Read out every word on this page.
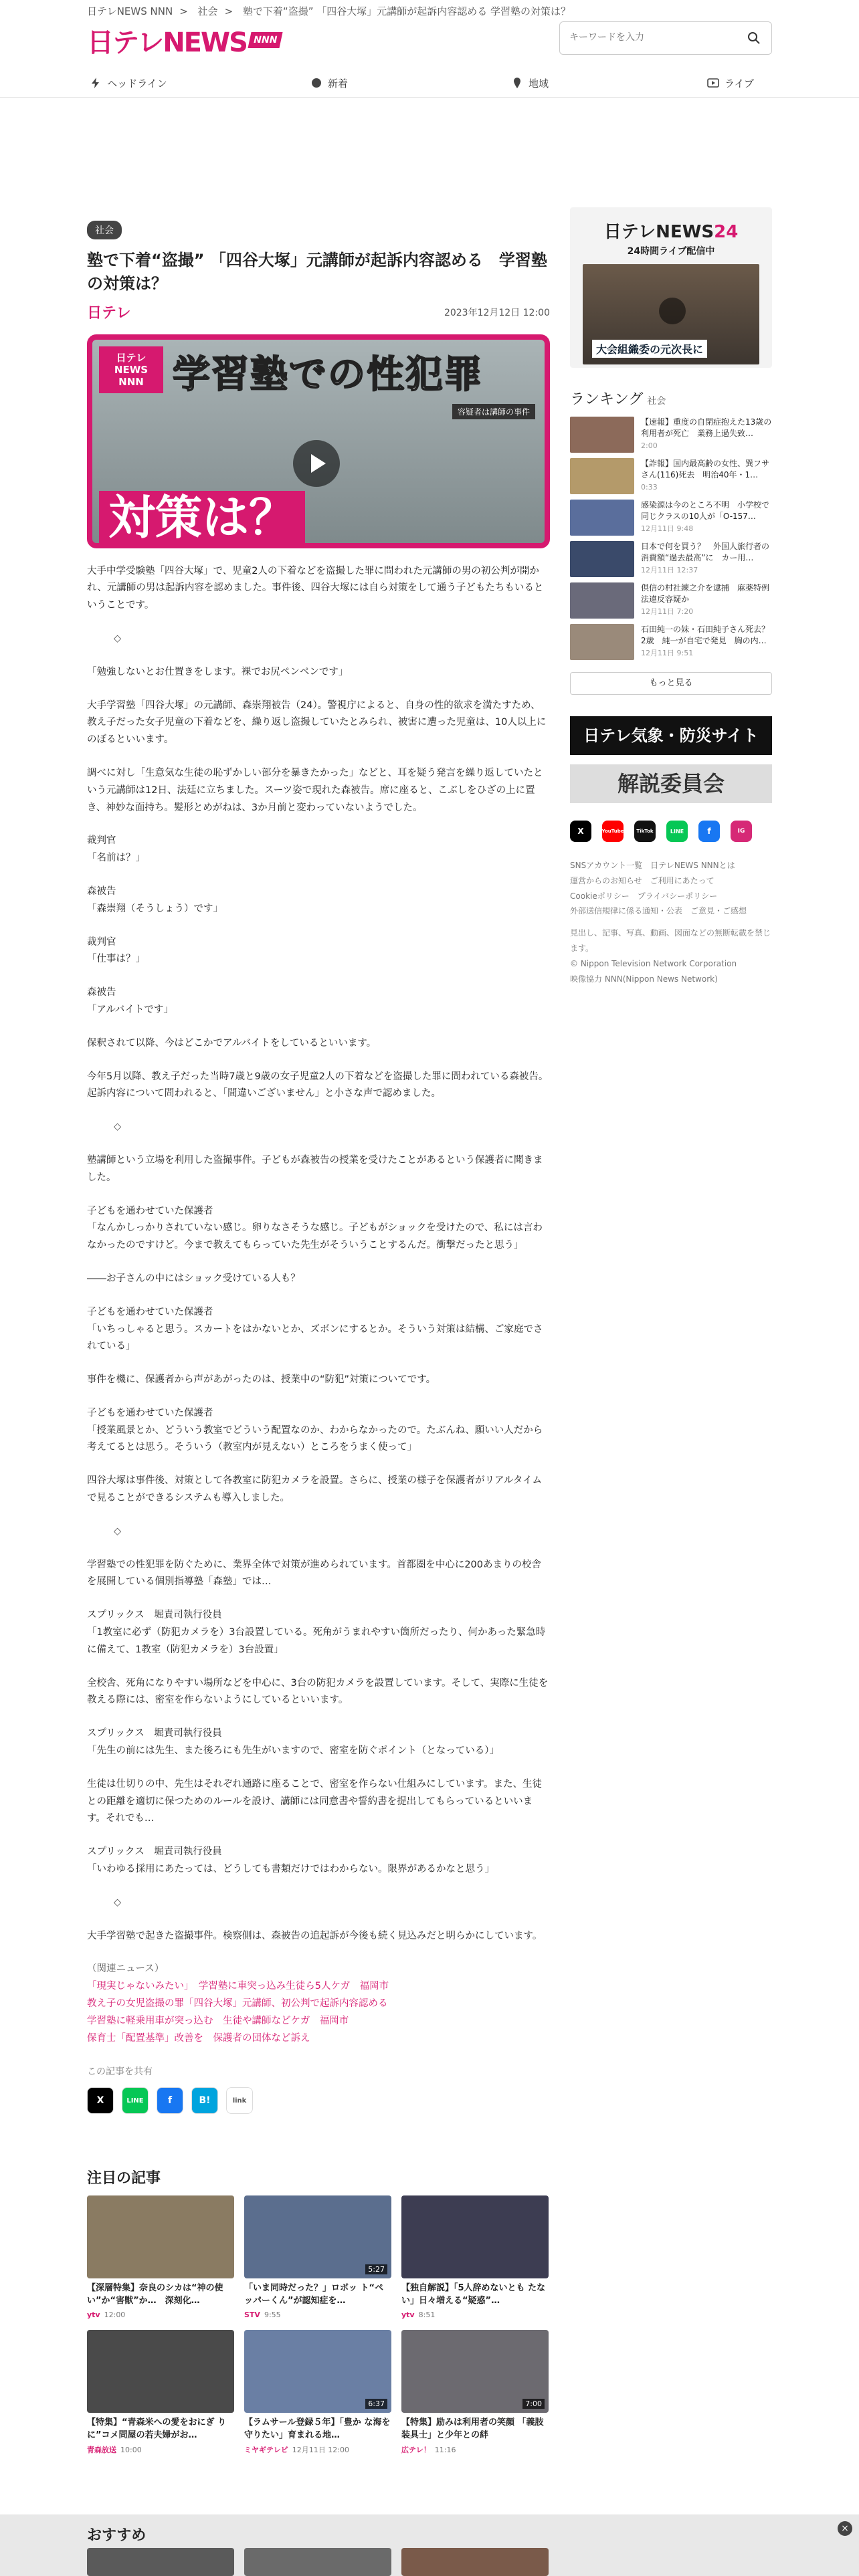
日テレNEWS NNN > 社会 > 塾で下着“盗撮” 「四谷大塚」元講師が起訴内容認める 学習塾の対策は？
日テレNEWS NNN
キーワードを入力
ヘッドライン	新着	地域	ライブ
社会
塾で下着“盗撮” 「四谷大塚」元講師が起訴内容認める　学習塾の対策は？
日テレ	2023年12月12日 12:00
日テレ NEWS NNN 学習塾での性犯罪
容疑者は講師の事件
対策は？

大手中学受験塾「四谷大塚」で、児童2人の下着などを盗撮した罪に問われた元講師の男の初公判が開かれ、元講師の男は起訴内容を認めました。事件後、四谷大塚には自ら対策をして通う子どもたちもいるということです。

◇

「勉強しないとお仕置きをします。裸でお尻ペンペンです」

大手学習塾「四谷大塚」の元講師、森崇翔被告（24）。警視庁によると、自身の性的欲求を満たすため、教え子だった女子児童の下着などを、繰り返し盗撮していたとみられ、被害に遭った児童は、10人以上にのぼるといいます。

調べに対し「生意気な生徒の恥ずかしい部分を暴きたかった」などと、耳を疑う発言を繰り返していたという元講師は12日、法廷に立ちました。スーツ姿で現れた森被告。席に座ると、こぶしをひざの上に置き、神妙な面持ち。髪形とめがねは、3か月前と変わっていないようでした。

裁判官
「名前は？」

森被告
「森崇翔（そうしょう）です」

裁判官
「仕事は？」

森被告
「アルバイトです」

保釈されて以降、今はどこかでアルバイトをしているといいます。

今年5月以降、教え子だった当時7歳と9歳の女子児童2人の下着などを盗撮した罪に問われている森被告。起訴内容について問われると、「間違いございません」と小さな声で認めました。

◇

塾講師という立場を利用した盗撮事件。子どもが森被告の授業を受けたことがあるという保護者に聞きました。

子どもを通わせていた保護者
「なんかしっかりされていない感じ。卵りなさそうな感じ。子どもがショックを受けたので、私には言わなかったのですけど。今まで教えてもらっていた先生がそういうことするんだ。衝撃だったと思う」

――お子さんの中にはショック受けている人も？

子どもを通わせていた保護者
「いちっしゃると思う。スカートをはかないとか、ズボンにするとか。そういう対策は結構、ご家庭でされている」

事件を機に、保護者から声があがったのは、授業中の“防犯”対策についてです。

子どもを通わせていた保護者
「授業風景とか、どういう教室でどういう配置なのか、わからなかったので。たぶんね、願いい人だから考えてるとは思う。そういう（教室内が見えない）ところをうまく使って」

四谷大塚は事件後、対策として各教室に防犯カメラを設置。さらに、授業の様子を保護者がリアルタイムで見ることができるシステムも導入しました。

◇

学習塾での性犯罪を防ぐために、業界全体で対策が進められています。首都圏を中心に200あまりの校舎を展開している個別指導塾「森塾」では…

スプリックス　堀責司執行役員
「1教室に必ず（防犯カメラを）3台設置している。死角がうまれやすい箇所だったり、何かあった緊急時に備えて、1教室（防犯カメラを）3台設置」

全校舎、死角になりやすい場所などを中心に、3台の防犯カメラを設置しています。そして、実際に生徒を教える際には、密室を作らないようにしているといいます。

スプリックス　堀責司執行役員
「先生の前には先生、また後ろにも先生がいますので、密室を防ぐポイント（となっている）」

生徒は仕切りの中、先生はそれぞれ通路に座ることで、密室を作らない仕組みにしています。また、生徒との距離を適切に保つためのルールを設け、講師には同意書や誓約書を提出してもらっているといいます。それでも…

スプリックス　堀責司執行役員
「いわゆる採用にあたっては、どうしても書類だけではわからない。限界があるかなと思う」

◇

大手学習塾で起きた盗撮事件。検察側は、森被告の追起訴が今後も続く見込みだと明らかにしています。

（関連ニュース）
「現実じゃないみたい」　学習塾に車突っ込み生徒ら5人ケガ　福岡市
教え子の女児盗撮の罪「四谷大塚」元講師、初公判で起訴内容認める
学習塾に軽乗用車が突っ込む　生徒や講師などケガ　福岡市
保育士「配置基準」改善を　保護者の団体など訴え
この記事を共有
X	LINE	f	B!	link
日テレNEWS24
24時間ライブ配信中
大会組織委の元次長に
ランキング 社会
【速報】重度の自閉症抱えた13歳の利用者が死亡　業務上過失致…
2:00
【詐報】国内最高齢の女性、巽フサさん(116)死去　明治40年・1…
0:33
感染源は今のところ不明　小学校で同じクラスの10人が「O-157…
12月11日 9:48
日本で何を買う？　外国人旅行者の消費額“過去最高”に　カー用…
12月11日 12:37
倶信の村社練之介を逮捕　麻薬特例法違反容疑か
12月11日 7:20
石田純一の妹・石田純子さん死去？2歳　純一が自宅で発見　胸の内…
12月11日 9:51
もっと見る
日テレ気象・防災サイト
解説委員会
X	YouTube	TikTok	LINE	f	IG
SNSアカウント一覧　日テレNEWS NNNとは
運営からのお知らせ　ご利用にあたって
Cookieポリシー　プライバシーポリシー
外部送信規律に係る通知・公表　ご意見・ご感想
見出し、記事、写真、動画、図面などの無断転載を禁じます。
© Nippon Television Network Corporation
映像協力 NNN(Nippon News Network)
注目の記事
【深層特集】奈良のシカは“神の使い”か“害獣”か…　深刻化…
ytv 12:00
5:27
「いま同時だった？」ロボッ ト“ペッパーくん”が認知症を…
STV 9:55
【独自解説】「5人辞めないとも たない」日々増える“疑惑”…
ytv 8:51
【特集】“青森米への愛をおにぎ りに”コメ問屋の若夫婦がお…
青森放送 10:00
6:37
【ラムサール登録５年】「豊か な海を守りたい」育まれる地…
ミヤギテレビ 12月11日 12:00
7:00
【特集】励みは利用者の笑顔 「義肢装具士」と少年との絆
広テレ！ 11:16
おすすめ	×
